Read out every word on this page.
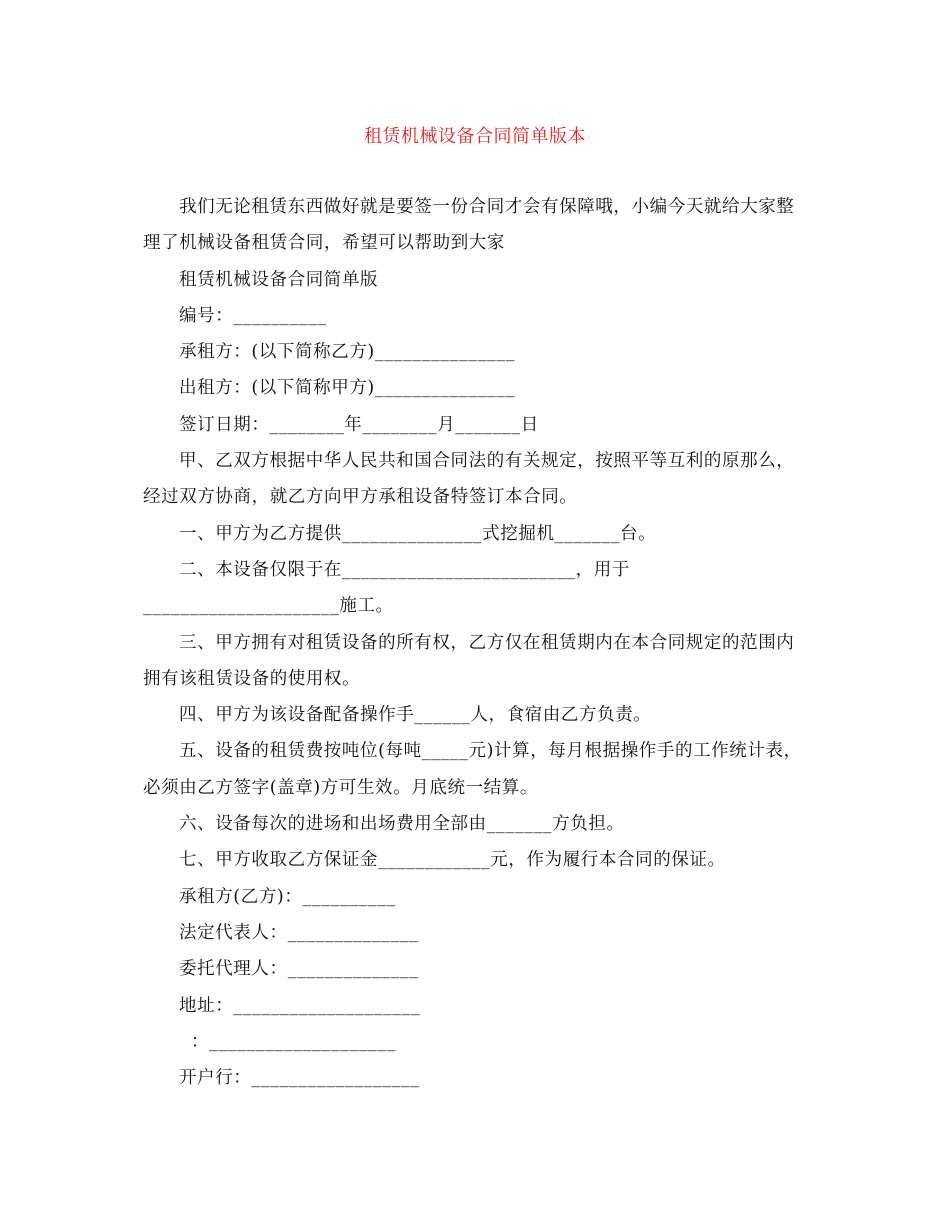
租赁机械设备合同简单版本

我们无论租赁东西做好就是要签一份合同才会有保障哦，小编今天就给大家整理了机械设备租赁合同，希望可以帮助到大家

租赁机械设备合同简单版

编号：__________

承租方：(以下简称乙方)_______________

出租方：(以下简称甲方)_______________

签订日期：________年________月_______日

甲、乙双方根据中华人民共和国合同法的有关规定，按照平等互利的原那么，经过双方协商，就乙方向甲方承租设备特签订本合同。

一、甲方为乙方提供_______________式挖掘机_______台。

二、本设备仅限于在_________________________，用于_____________________施工。

三、甲方拥有对租赁设备的所有权，乙方仅在租赁期内在本合同规定的范围内拥有该租赁设备的使用权。

四、甲方为该设备配备操作手______人，食宿由乙方负责。

五、设备的租赁费按吨位(每吨_____元)计算，每月根据操作手的工作统计表，必须由乙方签字(盖章)方可生效。月底统一结算。

六、设备每次的进场和出场费用全部由_______方负担。

七、甲方收取乙方保证金____________元，作为履行本合同的保证。

承租方(乙方)：__________

法定代表人：______________

委托代理人：______________

地址：____________________

：____________________

开户行：__________________
